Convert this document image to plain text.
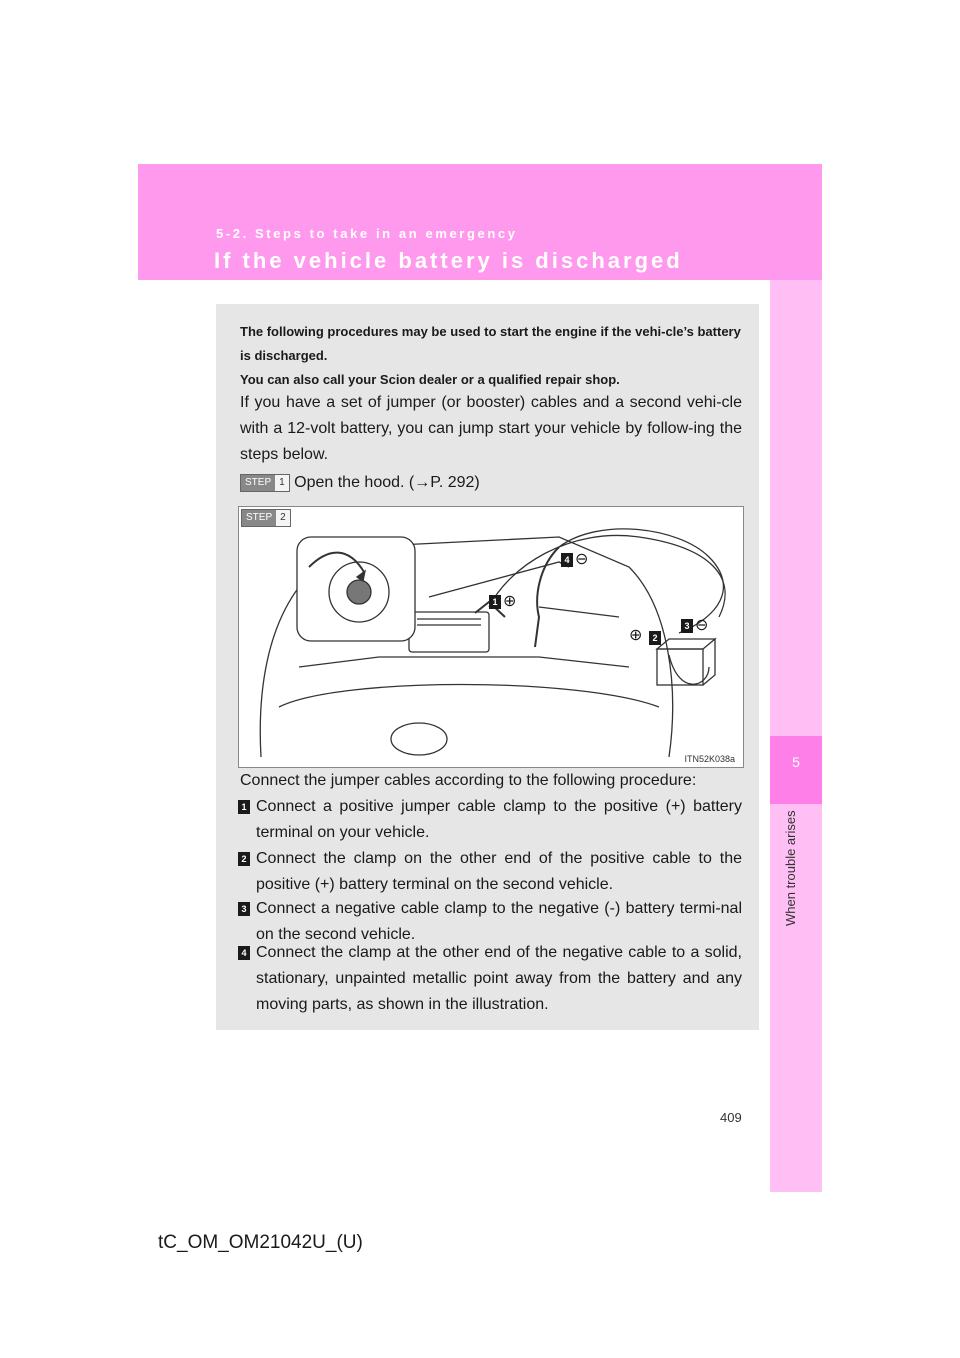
5-2. Steps to take in an emergency
If the vehicle battery is discharged
5
When trouble arises

The following procedures may be used to start the engine if the vehi-cle’s battery is discharged.

You can also call your Scion dealer or a qualified repair shop.

If you have a set of jumper (or booster) cables and a second vehi-cle with a 12-volt battery, you can jump start your vehicle by follow-ing the steps below.
STEP 1 Open the hood. (→P. 292)
STEP 2
1 ⊕
2
⊕
3 ⊖
4 ⊖
ITN52K038a
Connect the jumper cables according to the following procedure:
1 Connect a positive jumper cable clamp to the positive (+) battery terminal on your vehicle.
2 Connect the clamp on the other end of the positive cable to the positive (+) battery terminal on the second vehicle.
3 Connect a negative cable clamp to the negative (-) battery termi-nal on the second vehicle.
4 Connect the clamp at the other end of the negative cable to a solid, stationary, unpainted metallic point away from the battery and any moving parts, as shown in the illustration.
409
tC_OM_OM21042U_(U)
